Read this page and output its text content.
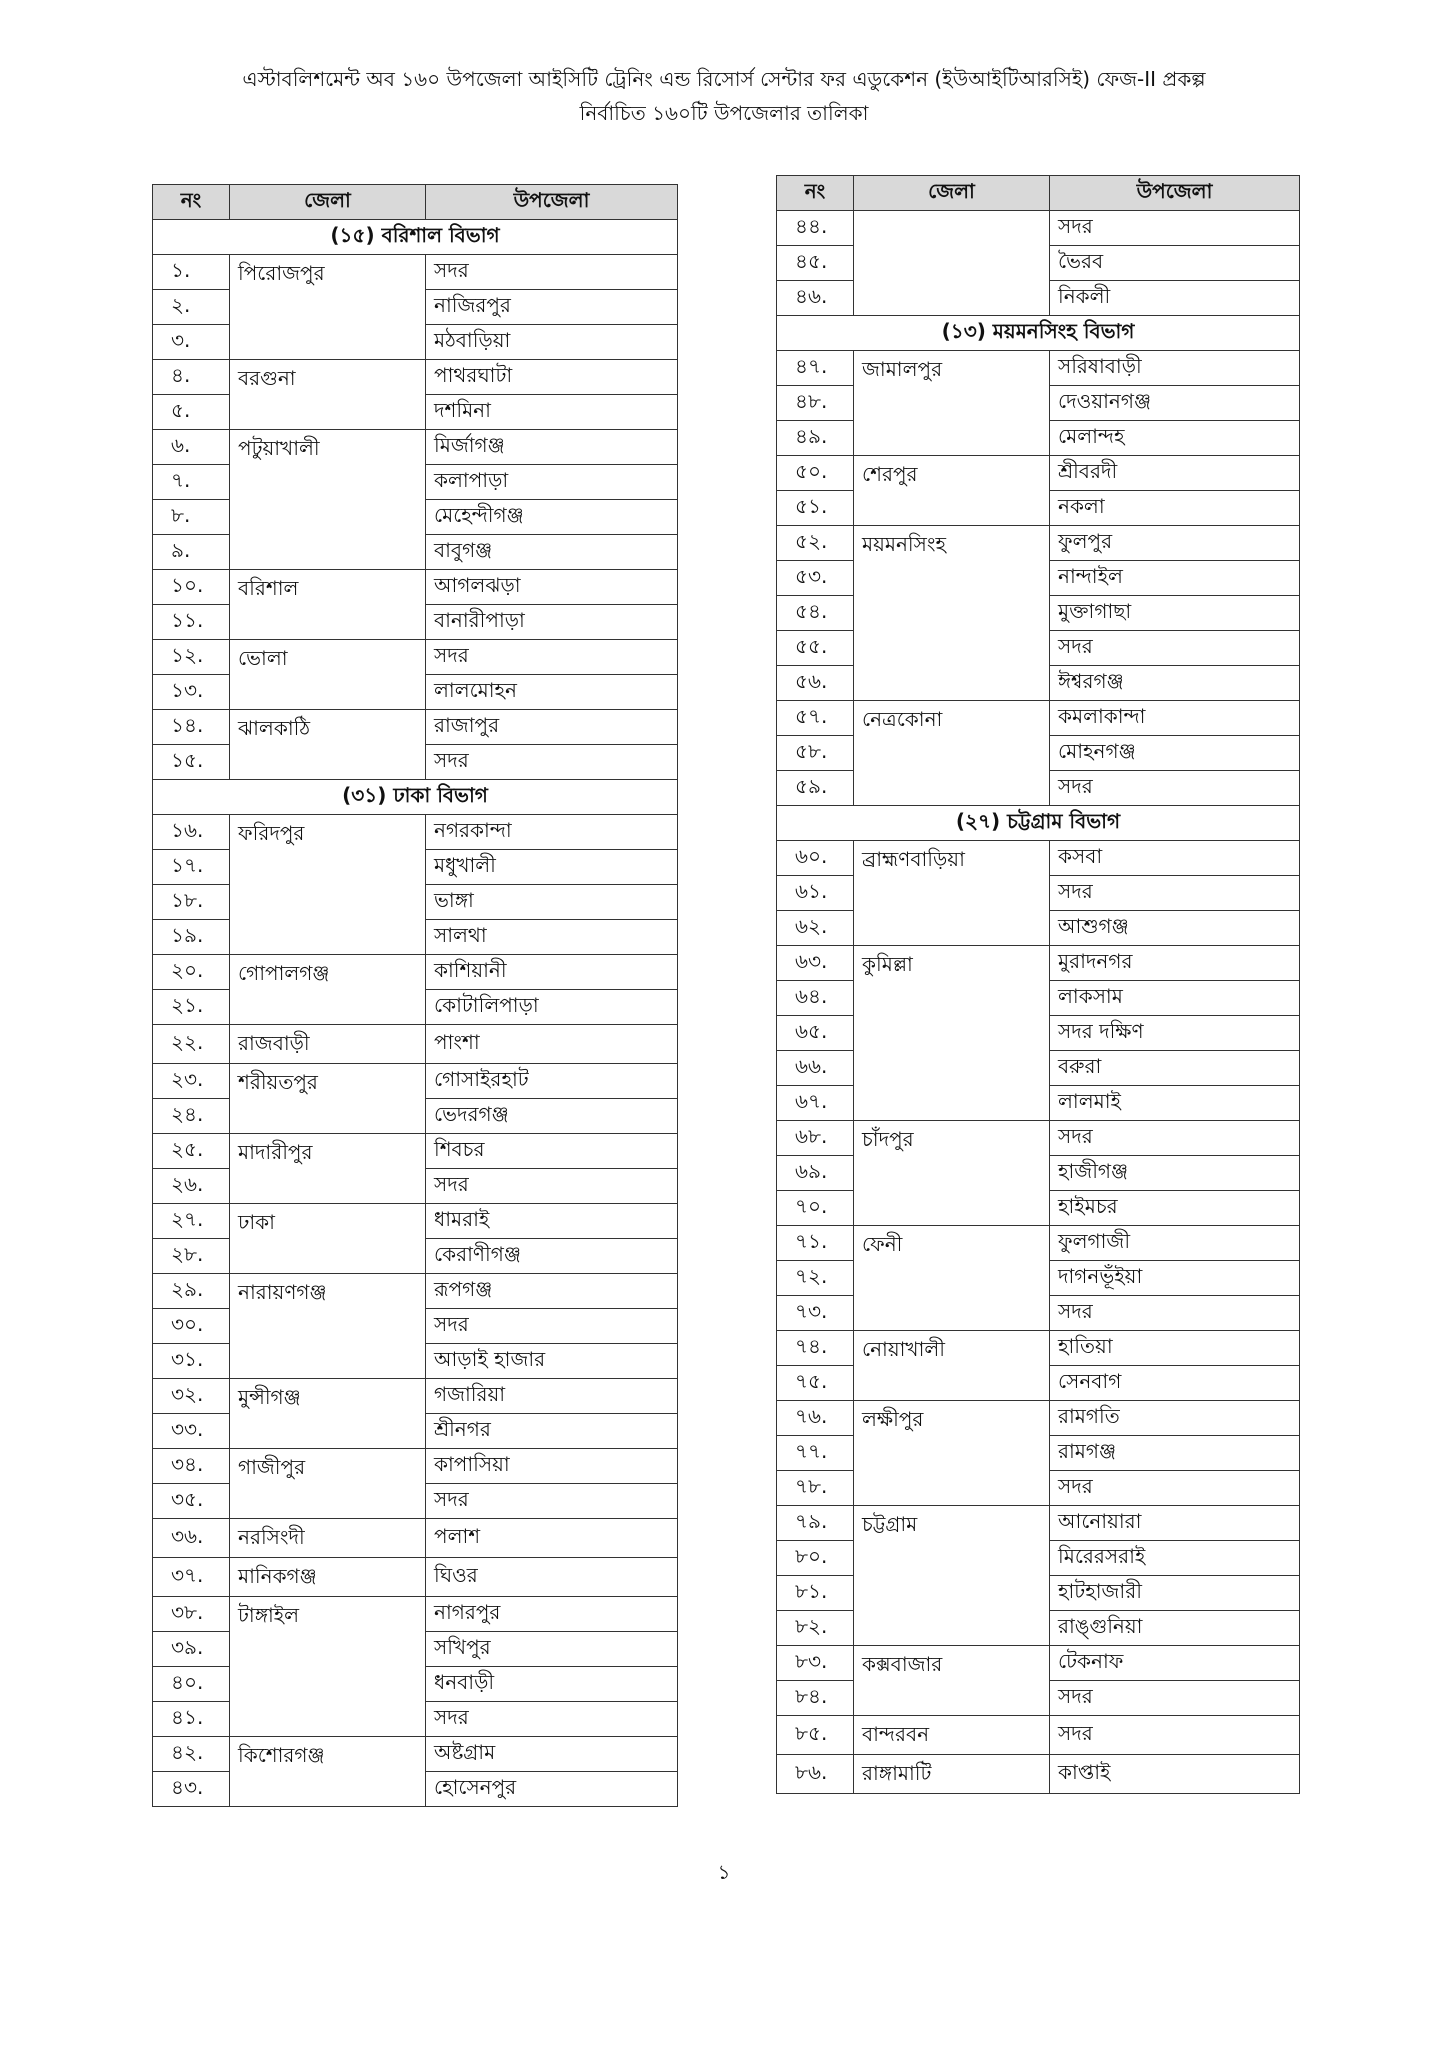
এস্টাবলিশমেন্ট অব ১৬০ উপজেলা আইসিটি ট্রেনিং এন্ড রিসোর্স সেন্টার ফর এডুকেশন (ইউআইটিআরসিই) ফেজ-II প্রকল্প
নির্বাচিত ১৬০টি উপজেলার তালিকা
নং	জেলা	উপজেলা
(১৫) বরিশাল বিভাগ		
১.	পিরোজপুর	সদর
২.		নাজিরপুর
৩.		মঠবাড়িয়া
৪.	বরগুনা	পাথরঘাটা
৫.		দশমিনা
৬.	পটুয়াখালী	মির্জাগঞ্জ
৭.		কলাপাড়া
৮.		মেহেন্দীগঞ্জ
৯.		বাবুগঞ্জ
১০.	বরিশাল	আগলঝড়া
১১.		বানারীপাড়া
১২.	ভোলা	সদর
১৩.		লালমোহন
১৪.	ঝালকাঠি	রাজাপুর
১৫.		সদর
(৩১) ঢাকা বিভাগ		
১৬.	ফরিদপুর	নগরকান্দা
১৭.		মধুখালী
১৮.		ভাঙ্গা
১৯.		সালথা
২০.	গোপালগঞ্জ	কাশিয়ানী
২১.		কোটালিপাড়া
২২.	রাজবাড়ী	পাংশা
২৩.	শরীয়তপুর	গোসাইরহাট
২৪.		ভেদরগঞ্জ
২৫.	মাদারীপুর	শিবচর
২৬.		সদর
২৭.	ঢাকা	ধামরাই
২৮.		কেরাণীগঞ্জ
২৯.	নারায়ণগঞ্জ	রূপগঞ্জ
৩০.		সদর
৩১.		আড়াই হাজার
৩২.	মুন্সীগঞ্জ	গজারিয়া
৩৩.		শ্রীনগর
৩৪.	গাজীপুর	কাপাসিয়া
৩৫.		সদর
৩৬.	নরসিংদী	পলাশ
৩৭.	মানিকগঞ্জ	ঘিওর
৩৮.	টাঙ্গাইল	নাগরপুর
৩৯.		সখিপুর
৪০.		ধনবাড়ী
৪১.		সদর
৪২.	কিশোরগঞ্জ	অষ্টগ্রাম
৪৩.		হোসেনপুর
নং	জেলা	উপজেলা
৪৪.		সদর
৪৫.		ভৈরব
৪৬.		নিকলী
(১৩) ময়মনসিংহ বিভাগ		
৪৭.	জামালপুর	সরিষাবাড়ী
৪৮.		দেওয়ানগঞ্জ
৪৯.		মেলান্দহ
৫০.	শেরপুর	শ্রীবরদী
৫১.		নকলা
৫২.	ময়মনসিংহ	ফুলপুর
৫৩.		নান্দাইল
৫৪.		মুক্তাগাছা
৫৫.		সদর
৫৬.		ঈশ্বরগঞ্জ
৫৭.	নেত্রকোনা	কমলাকান্দা
৫৮.		মোহনগঞ্জ
৫৯.		সদর
(২৭) চট্টগ্রাম বিভাগ		
৬০.	ব্রাহ্মণবাড়িয়া	কসবা
৬১.		সদর
৬২.		আশুগঞ্জ
৬৩.	কুমিল্লা	মুরাদনগর
৬৪.		লাকসাম
৬৫.		সদর দক্ষিণ
৬৬.		বরুরা
৬৭.		লালমাই
৬৮.	চাঁদপুর	সদর
৬৯.		হাজীগঞ্জ
৭০.		হাইমচর
৭১.	ফেনী	ফুলগাজী
৭২.		দাগনভূঁইয়া
৭৩.		সদর
৭৪.	নোয়াখালী	হাতিয়া
৭৫.		সেনবাগ
৭৬.	লক্ষীপুর	রামগতি
৭৭.		রামগঞ্জ
৭৮.		সদর
৭৯.	চট্টগ্রাম	আনোয়ারা
৮০.		মিরেরসরাই
৮১.		হাটহাজারী
৮২.		রাঙ্গুনিয়া
৮৩.	কক্সবাজার	টেকনাফ
৮৪.		সদর
৮৫.	বান্দরবন	সদর
৮৬.	রাঙ্গামাটি	কাপ্তাই
১
